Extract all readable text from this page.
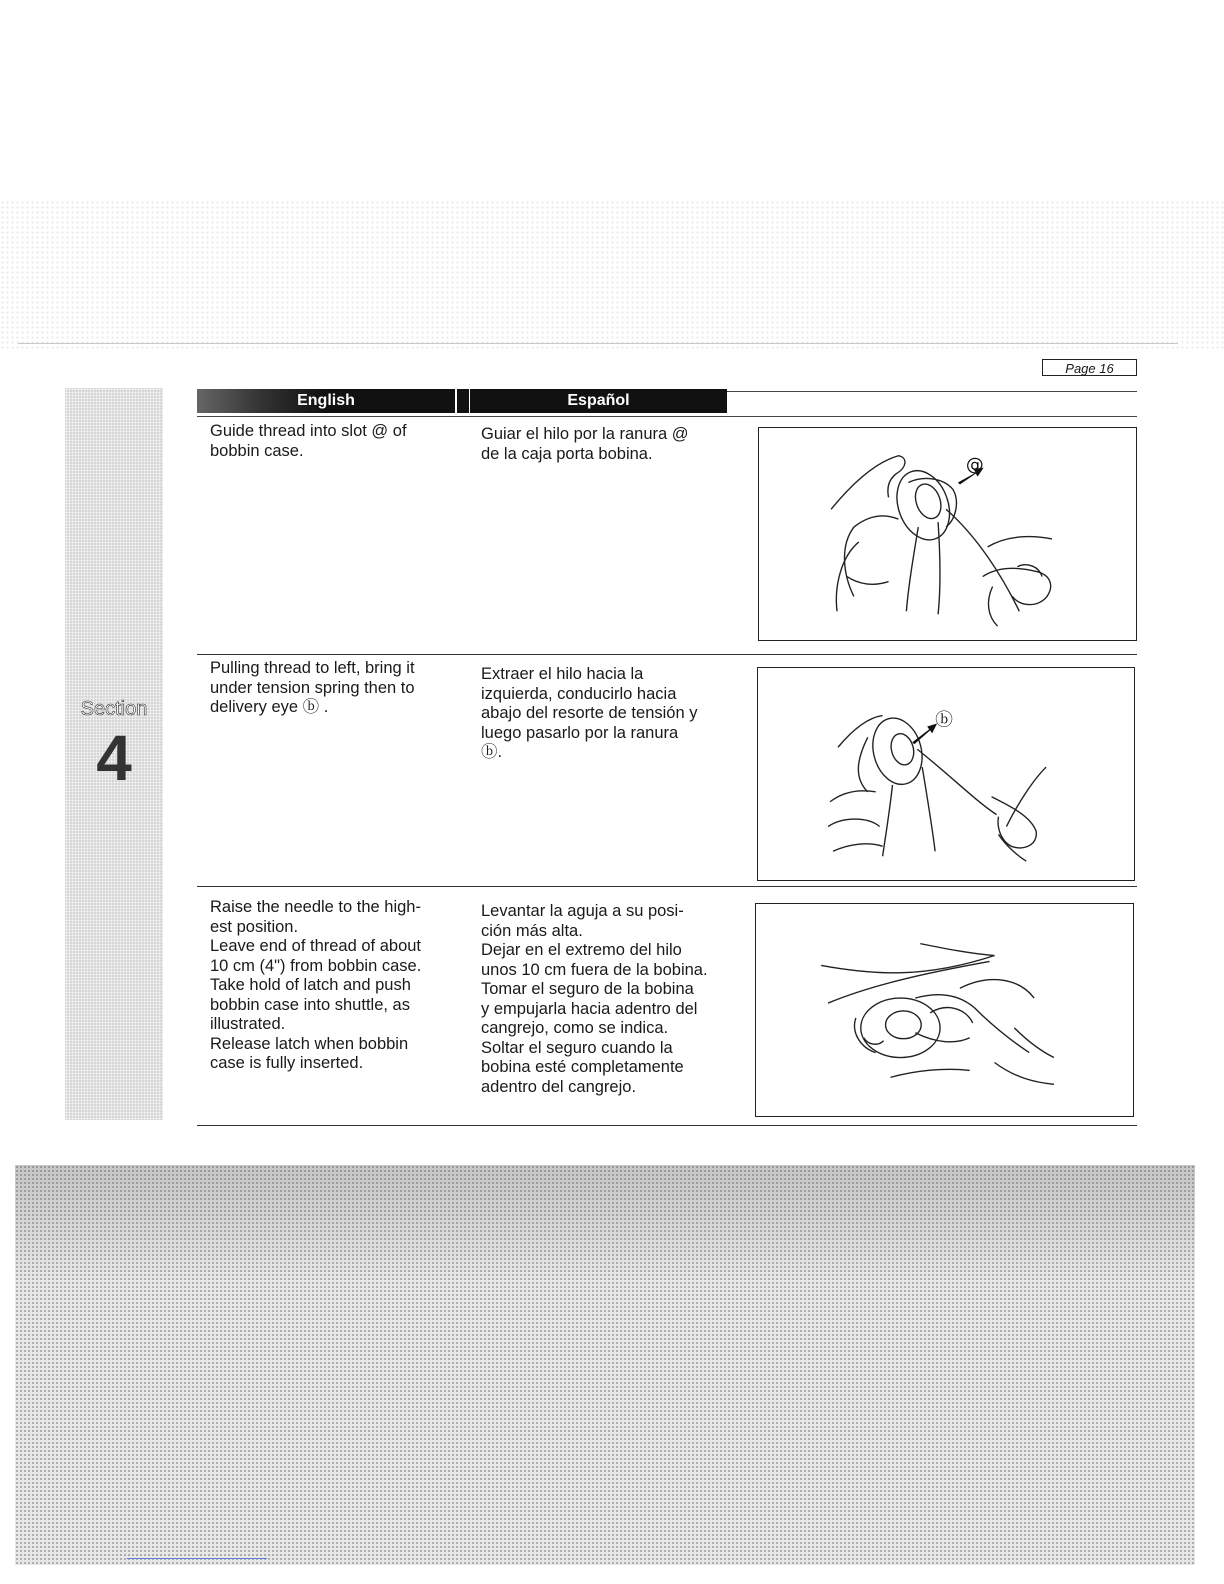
Page 16
Section
4
English	Español
Guide thread into slot @ of
bobbin case.
Guiar el hilo por la ranura @
de la caja porta bobina.
@
Pulling thread to left, bring it
under tension spring then to
delivery eye ⓑ .
Extraer el hilo hacia la
izquierda, conducirlo hacia
abajo del resorte de tensión y
luego pasarlo por la ranura
ⓑ.
ⓑ
Raise the needle to the high-
est position.
Leave end of thread of about
10 cm (4") from bobbin case.
Take hold of latch and push
bobbin case into shuttle, as
illustrated.
Release latch when bobbin
case is fully inserted.
Levantar la aguja a su posi-
ción más alta.
Dejar en el extremo del hilo
unos 10 cm fuera de la bobina.
Tomar el seguro de la bobina
y empujarla hacia adentro del
cangrejo, como se indica.
Soltar el seguro cuando la
bobina esté completamente
adentro del cangrejo.
